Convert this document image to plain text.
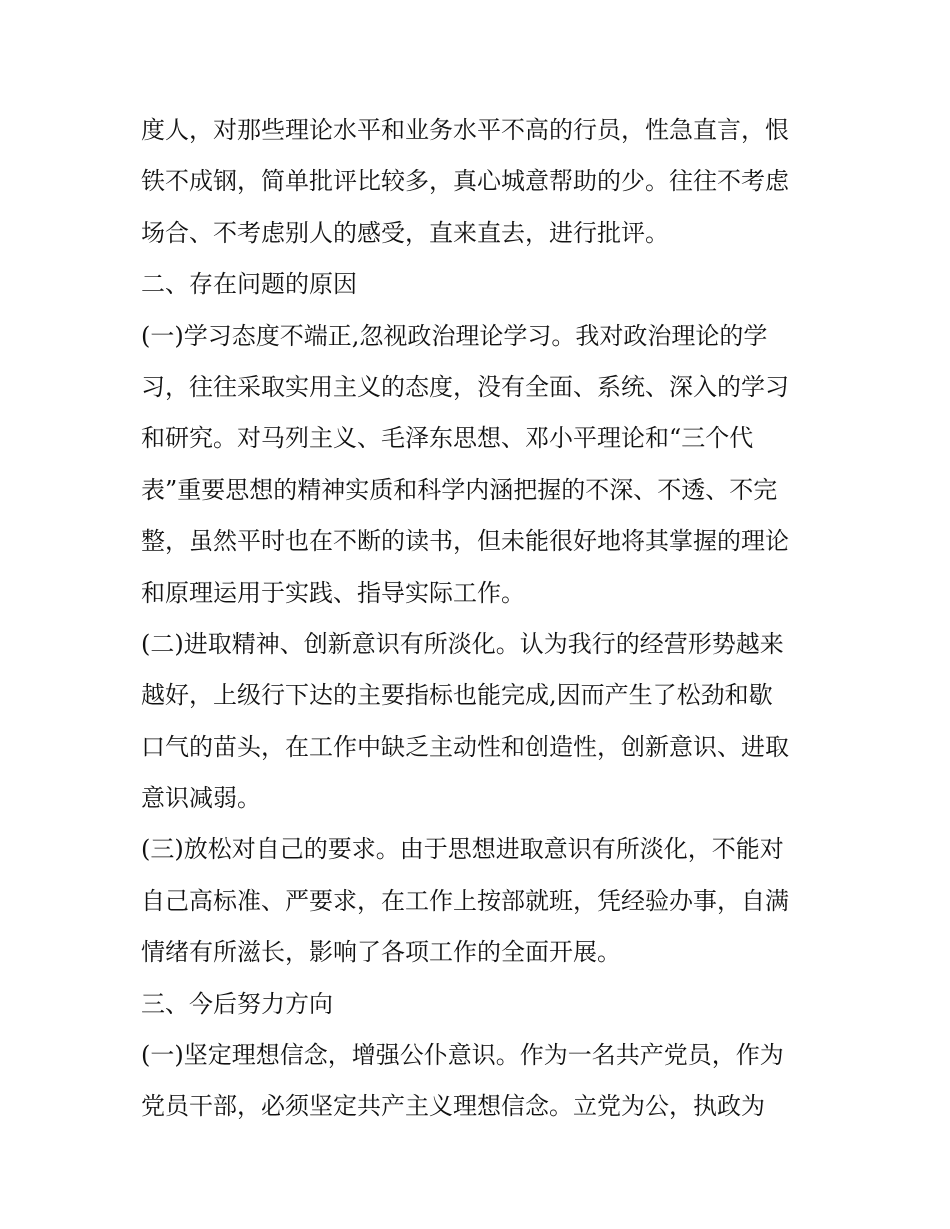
度人，对那些理论水平和业务水平不高的行员，性急直言，恨
铁不成钢，简单批评比较多，真心城意帮助的少。往往不考虑
场合、不考虑别人的感受，直来直去，进行批评。
二、存在问题的原因
(一)学习态度不端正,忽视政治理论学习。我对政治理论的学
习，往往采取实用主义的态度，没有全面、系统、深入的学习
和研究。对马列主义、毛泽东思想、邓小平理论和“三个代
表”重要思想的精神实质和科学内涵把握的不深、不透、不完
整，虽然平时也在不断的读书，但未能很好地将其掌握的理论
和原理运用于实践、指导实际工作。
(二)进取精神、创新意识有所淡化。认为我行的经营形势越来
越好，上级行下达的主要指标也能完成,因而产生了松劲和歇
口气的苗头，在工作中缺乏主动性和创造性，创新意识、进取
意识减弱。
(三)放松对自己的要求。由于思想进取意识有所淡化，不能对
自己高标准、严要求，在工作上按部就班，凭经验办事，自满
情绪有所滋长，影响了各项工作的全面开展。
三、今后努力方向
(一)坚定理想信念，增强公仆意识。作为一名共产党员，作为
党员干部，必须坚定共产主义理想信念。立党为公，执政为
